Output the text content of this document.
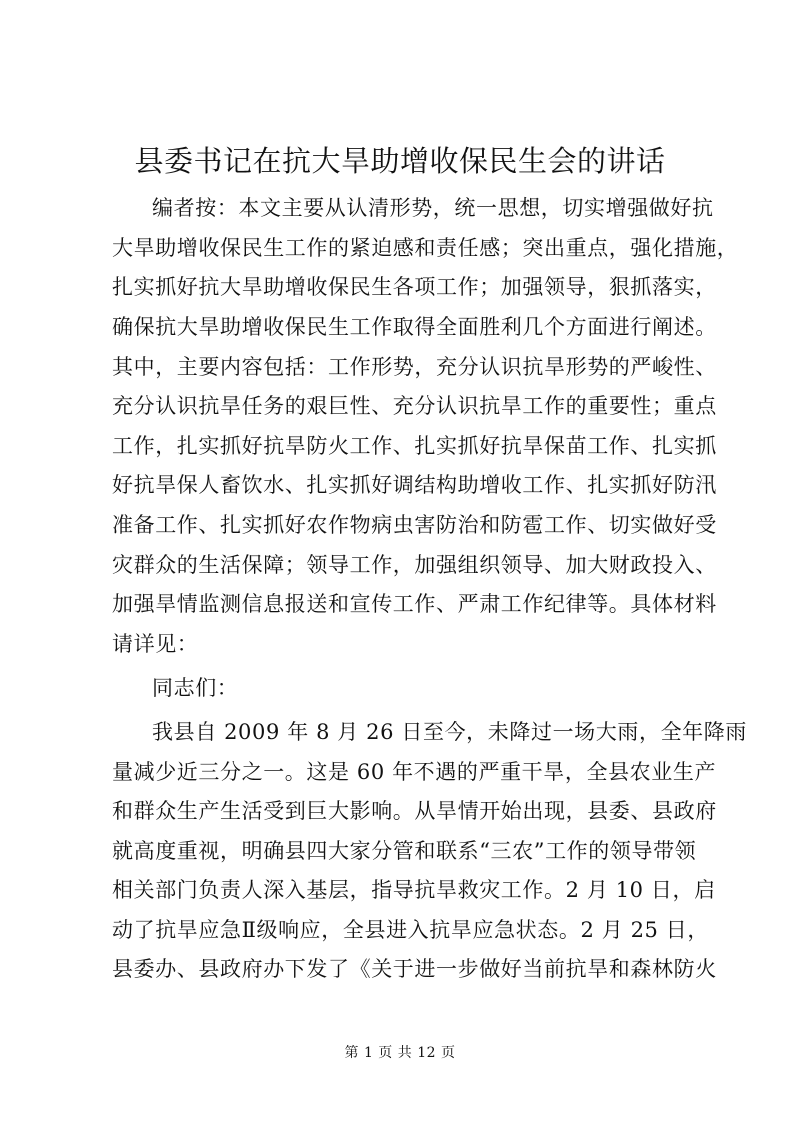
县委书记在抗大旱助增收保民生会的讲话
编者按：本文主要从认清形势，统一思想，切实增强做好抗
大旱助增收保民生工作的紧迫感和责任感；突出重点，强化措施，
扎实抓好抗大旱助增收保民生各项工作；加强领导，狠抓落实，
确保抗大旱助增收保民生工作取得全面胜利几个方面进行阐述。
其中，主要内容包括：工作形势，充分认识抗旱形势的严峻性、
充分认识抗旱任务的艰巨性、充分认识抗旱工作的重要性；重点
工作，扎实抓好抗旱防火工作、扎实抓好抗旱保苗工作、扎实抓
好抗旱保人畜饮水、扎实抓好调结构助增收工作、扎实抓好防汛
准备工作、扎实抓好农作物病虫害防治和防雹工作、切实做好受
灾群众的生活保障；领导工作，加强组织领导、加大财政投入、
加强旱情监测信息报送和宣传工作、严肃工作纪律等。具体材料
请详见：
同志们：
我县自 2009 年 8 月 26 日至今，未降过一场大雨，全年降雨
量减少近三分之一。这是 60 年不遇的严重干旱，全县农业生产
和群众生产生活受到巨大影响。从旱情开始出现，县委、县政府
就高度重视，明确县四大家分管和联系“三农”工作的领导带领
相关部门负责人深入基层，指导抗旱救灾工作。2 月 10 日，启
动了抗旱应急Ⅱ级响应，全县进入抗旱应急状态。2 月 25 日，
县委办、县政府办下发了《关于进一步做好当前抗旱和森林防火
第 1 页 共 12 页
